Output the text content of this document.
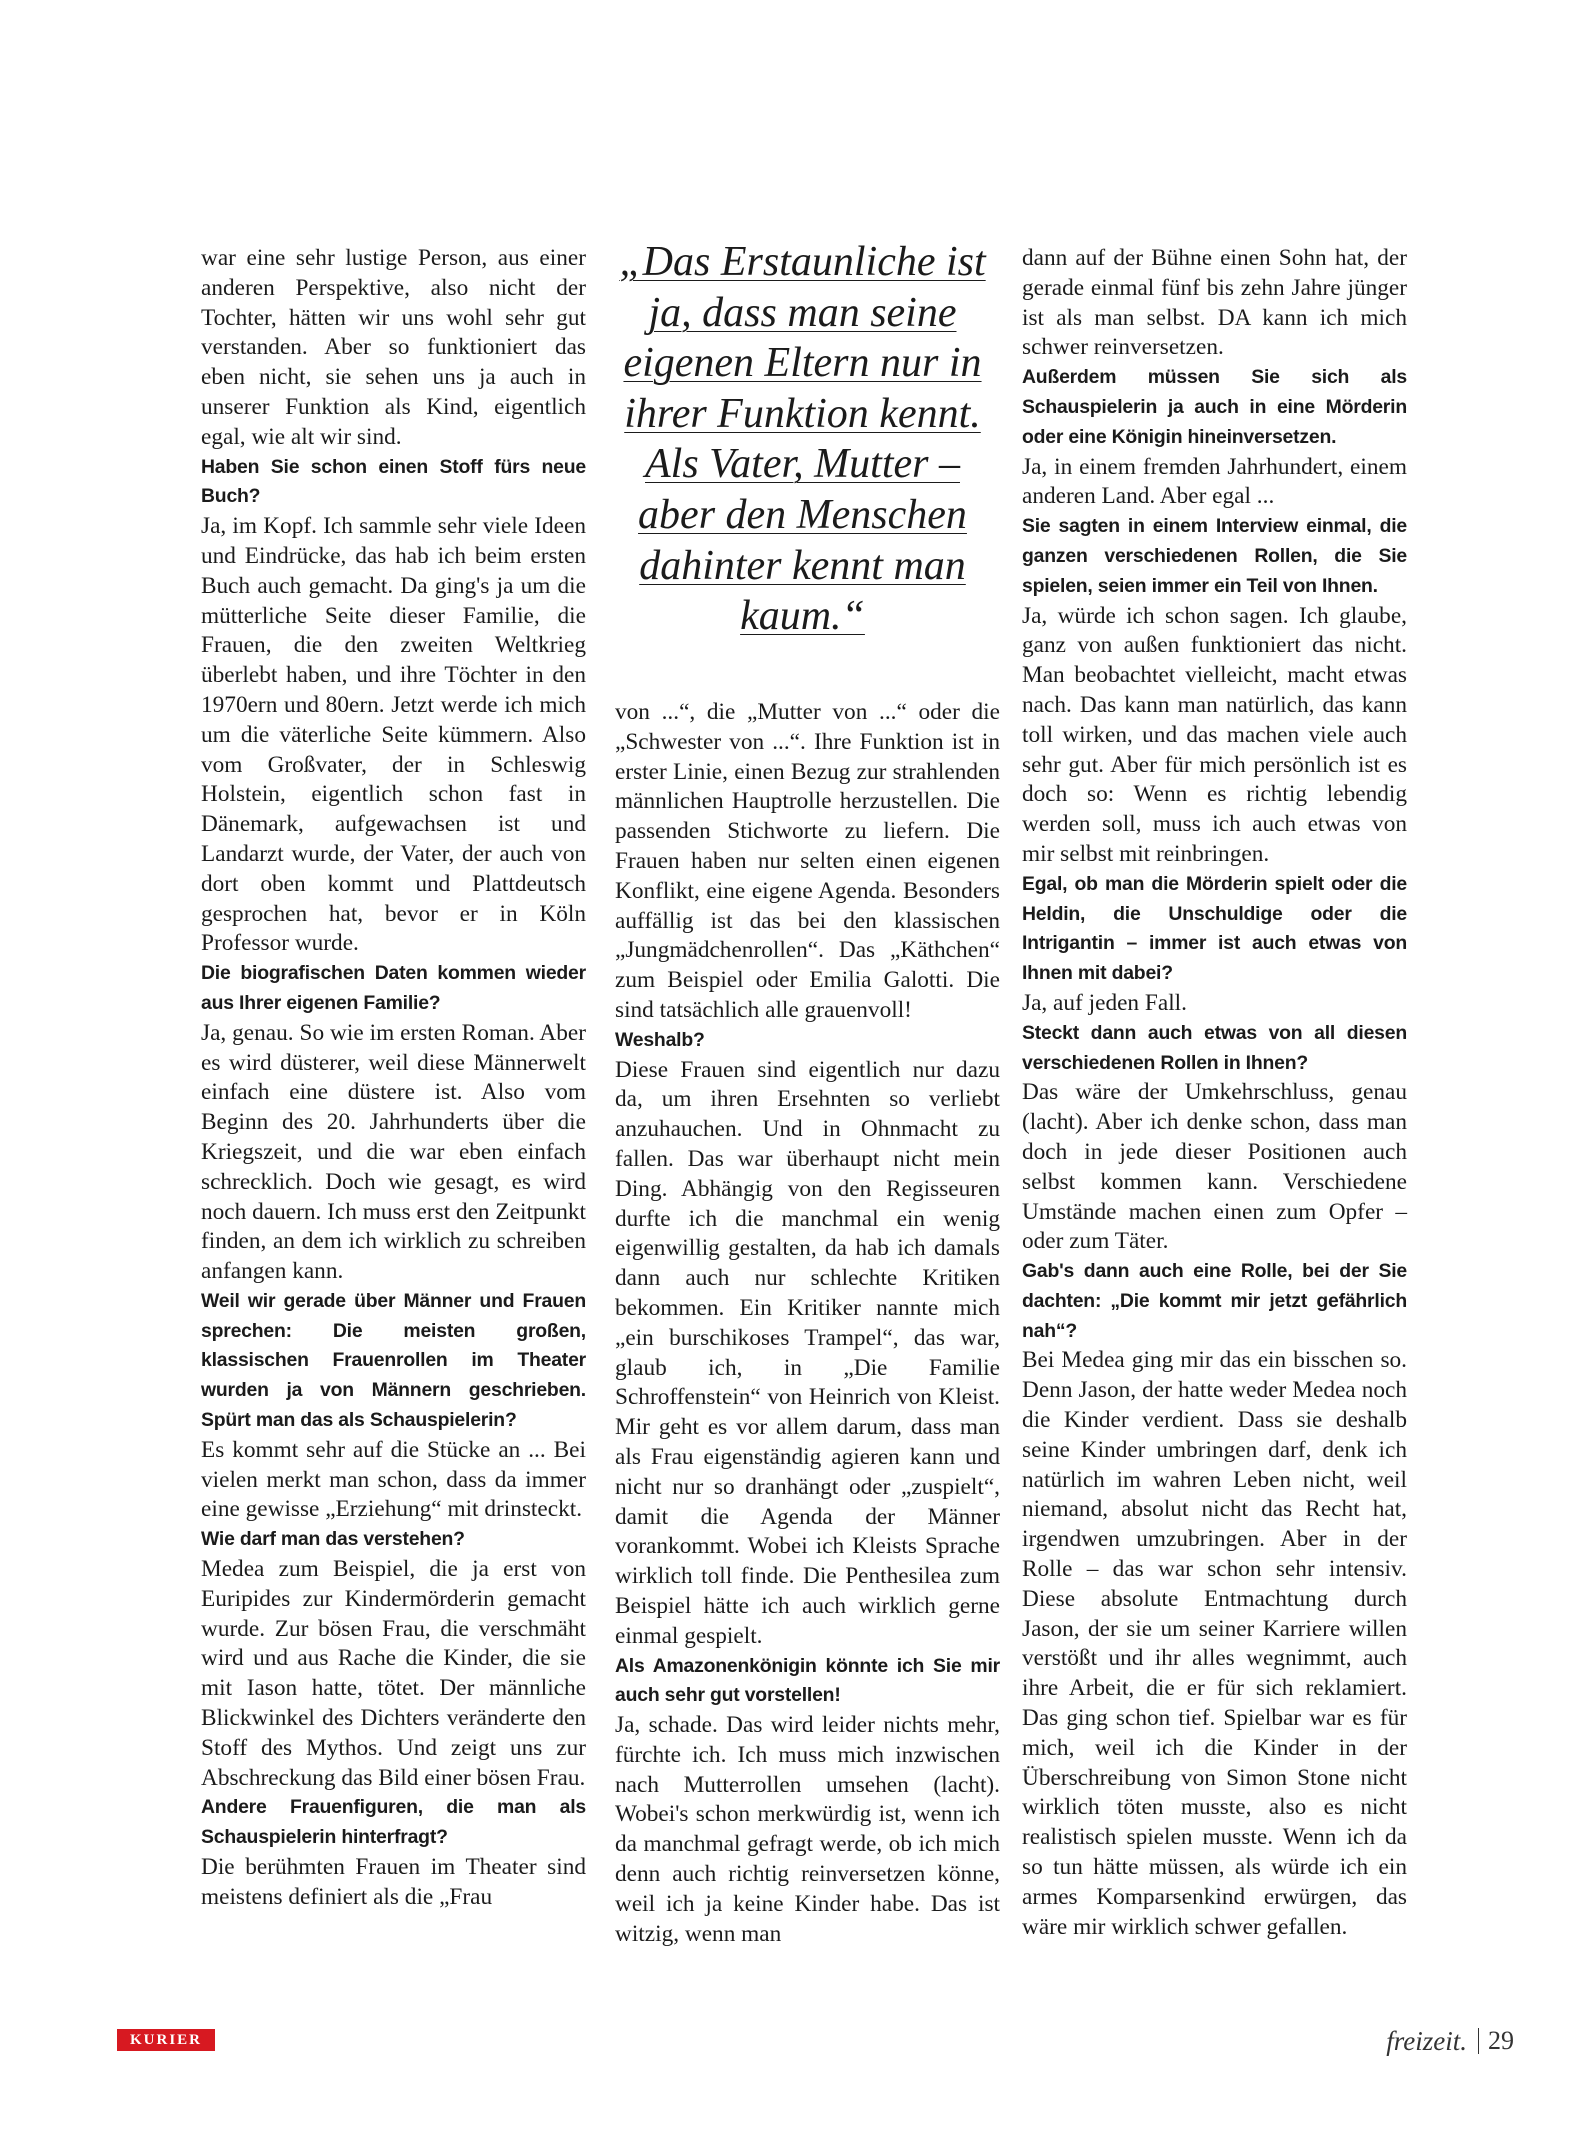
„Das Erstaunliche ist ja, dass man seine eigenen Eltern nur in ihrer Funktion kennt. Als Vater, Mutter – aber den Menschen dahinter kennt man kaum.“

war eine sehr lustige Person, aus einer anderen Perspektive, also nicht der Tochter, hätten wir uns wohl sehr gut verstanden. Aber so funktioniert das eben nicht, sie sehen uns ja auch in unserer Funktion als Kind, eigentlich egal, wie alt wir sind.

Haben Sie schon einen Stoff fürs neue Buch?

Ja, im Kopf. Ich sammle sehr viele Ideen und Eindrücke, das hab ich beim ersten Buch auch gemacht. Da ging's ja um die mütterliche Seite dieser Familie, die Frauen, die den zweiten Weltkrieg überlebt haben, und ihre Töchter in den 1970ern und 80ern. Jetzt werde ich mich um die väterliche Seite kümmern. Also vom Großvater, der in Schleswig Holstein, eigentlich schon fast in Dänemark, aufgewachsen ist und Landarzt wurde, der Vater, der auch von dort oben kommt und Plattdeutsch gesprochen hat, bevor er in Köln Professor wurde.

Die biografischen Daten kommen wieder aus Ihrer eigenen Familie?

Ja, genau. So wie im ersten Roman. Aber es wird düsterer, weil diese Männerwelt einfach eine düstere ist. Also vom Beginn des 20. Jahrhunderts über die Kriegszeit, und die war eben einfach schrecklich. Doch wie gesagt, es wird noch dauern. Ich muss erst den Zeitpunkt finden, an dem ich wirklich zu schreiben anfangen kann.

Weil wir gerade über Männer und Frauen sprechen: Die meisten großen, klassischen Frauenrollen im Theater wurden ja von Männern geschrieben. Spürt man das als Schauspielerin?

Es kommt sehr auf die Stücke an ... Bei vielen merkt man schon, dass da immer eine gewisse „Erziehung“ mit drinsteckt.

Wie darf man das verstehen?

Medea zum Beispiel, die ja erst von Euripides zur Kindermörderin gemacht wurde. Zur bösen Frau, die verschmäht wird und aus Rache die Kinder, die sie mit Iason hatte, tötet. Der männliche Blickwinkel des Dichters veränderte den Stoff des Mythos. Und zeigt uns zur Abschreckung das Bild einer bösen Frau.

Andere Frauenfiguren, die man als Schauspielerin hinterfragt?

Die berühmten Frauen im Theater sind meistens definiert als die „Frau

von ...“, die „Mutter von ...“ oder die „Schwester von ...“. Ihre Funktion ist in erster Linie, einen Bezug zur strahlenden männlichen Hauptrolle herzustellen. Die passenden Stichworte zu liefern. Die Frauen haben nur selten einen eigenen Konflikt, eine eigene Agenda. Besonders auffällig ist das bei den klassischen „Jungmädchenrollen“. Das „Käthchen“ zum Beispiel oder Emilia Galotti. Die sind tatsächlich alle grauenvoll!

Weshalb?

Diese Frauen sind eigentlich nur dazu da, um ihren Ersehnten so verliebt anzuhauchen. Und in Ohnmacht zu fallen. Das war überhaupt nicht mein Ding. Abhängig von den Regisseuren durfte ich die manchmal ein wenig eigenwillig gestalten, da hab ich damals dann auch nur schlechte Kritiken bekommen. Ein Kritiker nannte mich „ein burschikoses Trampel“, das war, glaub ich, in „Die Familie Schroffenstein“ von Heinrich von Kleist. Mir geht es vor allem darum, dass man als Frau eigenständig agieren kann und nicht nur so dranhängt oder „zuspielt“, damit die Agenda der Männer vorankommt. Wobei ich Kleists Sprache wirklich toll finde. Die Penthesilea zum Beispiel hätte ich auch wirklich gerne einmal gespielt.

Als Amazonenkönigin könnte ich Sie mir auch sehr gut vorstellen!

Ja, schade. Das wird leider nichts mehr, fürchte ich. Ich muss mich inzwischen nach Mutterrollen umsehen (lacht). Wobei's schon merkwürdig ist, wenn ich da manchmal gefragt werde, ob ich mich denn auch richtig reinversetzen könne, weil ich ja keine Kinder habe. Das ist witzig, wenn man

dann auf der Bühne einen Sohn hat, der gerade einmal fünf bis zehn Jahre jünger ist als man selbst. DA kann ich mich schwer reinversetzen.

Außerdem müssen Sie sich als Schauspielerin ja auch in eine Mörderin oder eine Königin hineinversetzen.

Ja, in einem fremden Jahrhundert, einem anderen Land. Aber egal ...

Sie sagten in einem Interview einmal, die ganzen verschiedenen Rollen, die Sie spielen, seien immer ein Teil von Ihnen.

Ja, würde ich schon sagen. Ich glaube, ganz von außen funktioniert das nicht. Man beobachtet vielleicht, macht etwas nach. Das kann man natürlich, das kann toll wirken, und das machen viele auch sehr gut. Aber für mich persönlich ist es doch so: Wenn es richtig lebendig werden soll, muss ich auch etwas von mir selbst mit reinbringen.

Egal, ob man die Mörderin spielt oder die Heldin, die Unschuldige oder die Intrigantin – immer ist auch etwas von Ihnen mit dabei?

Ja, auf jeden Fall.

Steckt dann auch etwas von all diesen verschiedenen Rollen in Ihnen?

Das wäre der Umkehrschluss, genau (lacht). Aber ich denke schon, dass man doch in jede dieser Positionen auch selbst kommen kann. Verschiedene Umstände machen einen zum Opfer – oder zum Täter.

Gab's dann auch eine Rolle, bei der Sie dachten: „Die kommt mir jetzt gefährlich nah“?

Bei Medea ging mir das ein bisschen so. Denn Jason, der hatte weder Medea noch die Kinder verdient. Dass sie deshalb seine Kinder umbringen darf, denk ich natürlich im wahren Leben nicht, weil niemand, absolut nicht das Recht hat, irgendwen umzubringen. Aber in der Rolle – das war schon sehr intensiv. Diese absolute Entmachtung durch Jason, der sie um seiner Karriere willen verstößt und ihr alles wegnimmt, auch ihre Arbeit, die er für sich reklamiert. Das ging schon tief. Spielbar war es für mich, weil ich die Kinder in der Überschreibung von Simon Stone nicht wirklich töten musste, also es nicht realistisch spielen musste. Wenn ich da so tun hätte müssen, als würde ich ein armes Komparsenkind erwürgen, das wäre mir wirklich schwer gefallen.

KURIER	freizeit. 29
